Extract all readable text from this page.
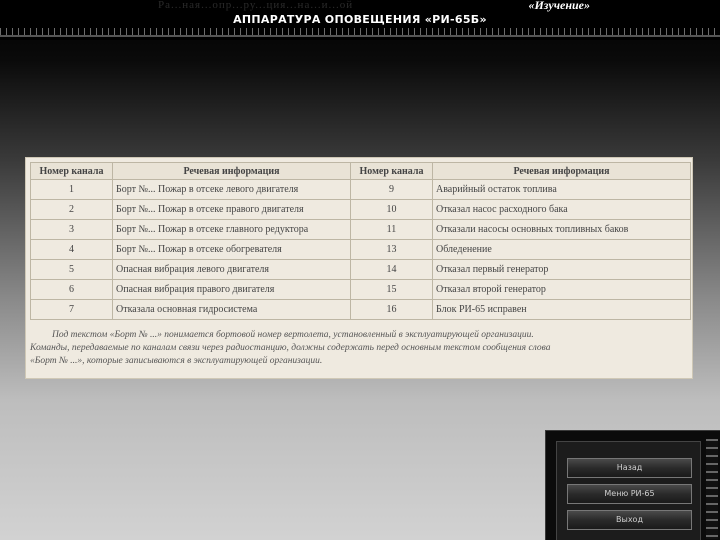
Ра...ная...опр...ру...ция...на...и...ой	«Изучение»
АППАРАТУРА ОПОВЕЩЕНИЯ «РИ-65Б»
Номер канала	Речевая информация	Номер канала	Речевая информация
1	Борт №... Пожар в отсеке левого двигателя	9	Аварийный остаток топлива
2	Борт №... Пожар в отсеке правого двигателя	10	Отказал насос расходного бака
3	Борт №... Пожар в отсеке главного редуктора	11	Отказали насосы основных топливных баков
4	Борт №... Пожар в отсеке обогревателя	13	Обледенение
5	Опасная вибрация левого двигателя	14	Отказал первый генератор
6	Опасная вибрация правого двигателя	15	Отказал второй генератор
7	Отказала основная гидросистема	16	Блок РИ-65 исправен
Под текстом «Борт № ...» понимается бортовой номер вертолета, установленный в эксплуатирующей организации.
Команды, передаваемые по каналам связи через радиостанцию, должны содержать перед основным текстом сообщения слова
«Борт № ...», которые записываются в эксплуатирующей организации.
Назад
Меню РИ-65
Выход
